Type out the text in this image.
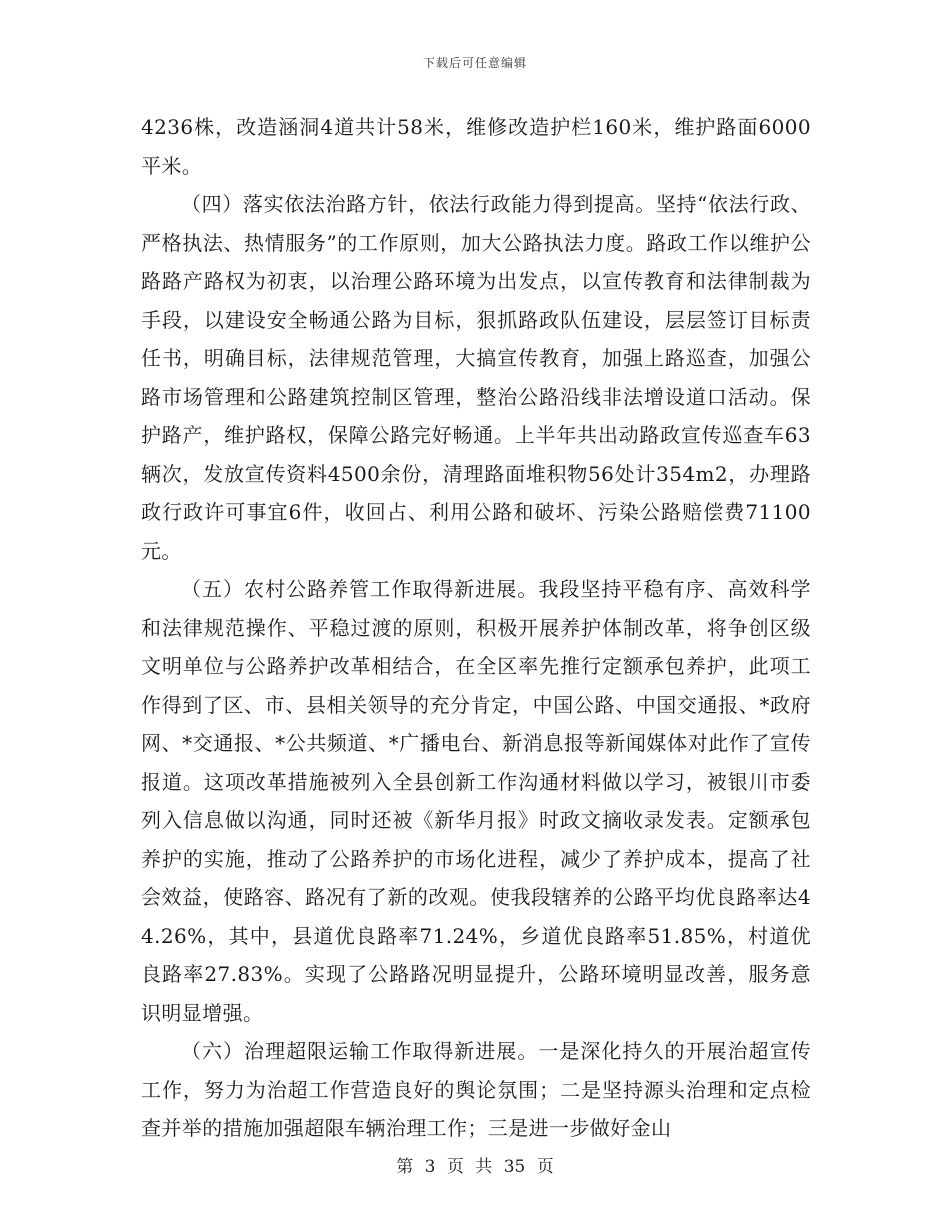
下载后可任意编辑

4236株，改造涵洞4道共计58米，维修改造护栏160米，维护路面6000平米。

（四）落实依法治路方针，依法行政能力得到提高。坚持“依法行政、严格执法、热情服务”的工作原则，加大公路执法力度。路政工作以维护公路路产路权为初衷，以治理公路环境为出发点，以宣传教育和法律制裁为手段，以建设安全畅通公路为目标，狠抓路政队伍建设，层层签订目标责任书，明确目标，法律规范管理，大搞宣传教育，加强上路巡查，加强公路市场管理和公路建筑控制区管理，整治公路沿线非法增设道口活动。保护路产，维护路权，保障公路完好畅通。上半年共出动路政宣传巡查车63辆次，发放宣传资料4500余份，清理路面堆积物56处计354m2，办理路政行政许可事宜6件，收回占、利用公路和破坏、污染公路赔偿费71100元。

（五）农村公路养管工作取得新进展。我段坚持平稳有序、高效科学和法律规范操作、平稳过渡的原则，积极开展养护体制改革，将争创区级文明单位与公路养护改革相结合，在全区率先推行定额承包养护，此项工作得到了区、市、县相关领导的充分肯定，中国公路、中国交通报、*政府网、*交通报、*公共频道、*广播电台、新消息报等新闻媒体对此作了宣传报道。这项改革措施被列入全县创新工作沟通材料做以学习，被银川市委列入信息做以沟通，同时还被《新华月报》时政文摘收录发表。定额承包养护的实施，推动了公路养护的市场化进程，减少了养护成本，提高了社会效益，使路容、路况有了新的改观。使我段辖养的公路平均优良路率达44.26%，其中，县道优良路率71.24%，乡道优良路率51.85%，村道优良路率27.83%。实现了公路路况明显提升，公路环境明显改善，服务意识明显增强。

（六）治理超限运输工作取得新进展。一是深化持久的开展治超宣传工作，努力为治超工作营造良好的舆论氛围；二是坚持源头治理和定点检查并举的措施加强超限车辆治理工作；三是进一步做好金山

第 3 页 共 35 页
